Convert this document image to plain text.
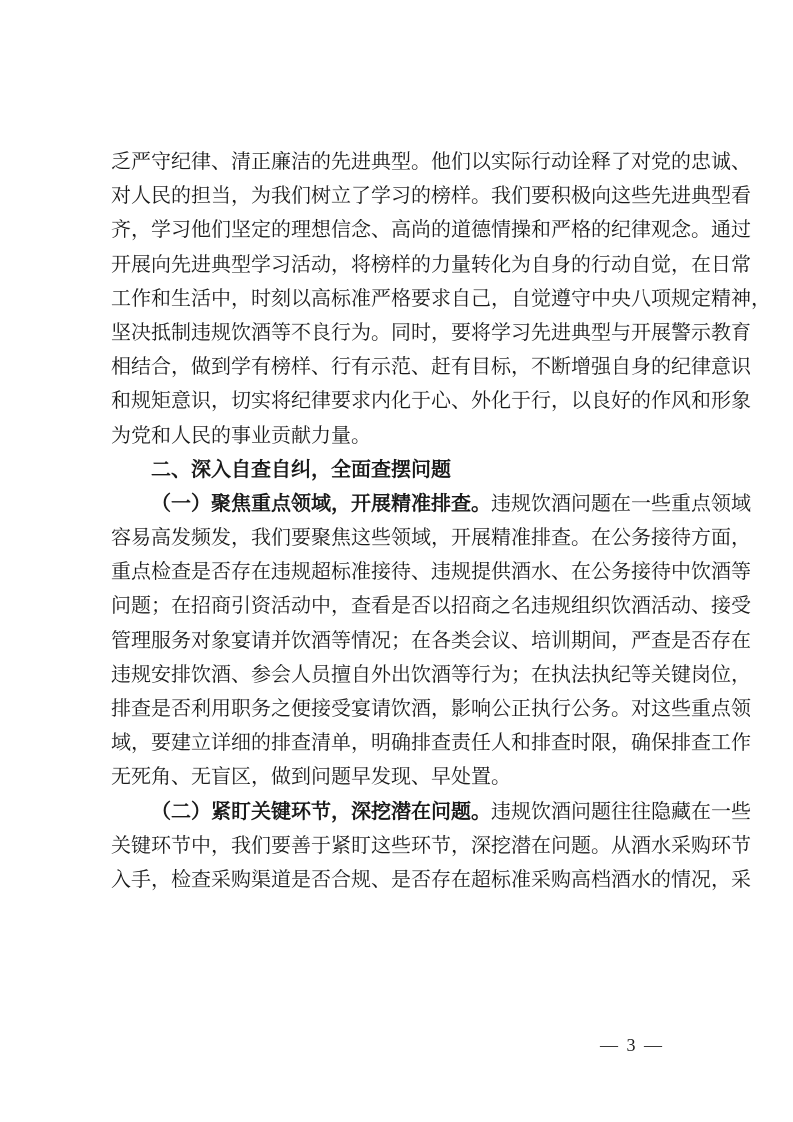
乏严守纪律、清正廉洁的先进典型。他们以实际行动诠释了对党的忠诚、
对人民的担当，为我们树立了学习的榜样。我们要积极向这些先进典型看
齐，学习他们坚定的理想信念、高尚的道德情操和严格的纪律观念。通过
开展向先进典型学习活动，将榜样的力量转化为自身的行动自觉，在日常
工作和生活中，时刻以高标准严格要求自己，自觉遵守中央八项规定精神，
坚决抵制违规饮酒等不良行为。同时，要将学习先进典型与开展警示教育
相结合，做到学有榜样、行有示范、赶有目标，不断增强自身的纪律意识
和规矩意识，切实将纪律要求内化于心、外化于行，以良好的作风和形象
为党和人民的事业贡献力量。
二、深入自查自纠，全面查摆问题
（一）聚焦重点领域，开展精准排查。违规饮酒问题在一些重点领域
容易高发频发，我们要聚焦这些领域，开展精准排查。在公务接待方面，
重点检查是否存在违规超标准接待、违规提供酒水、在公务接待中饮酒等
问题；在招商引资活动中，查看是否以招商之名违规组织饮酒活动、接受
管理服务对象宴请并饮酒等情况；在各类会议、培训期间，严查是否存在
违规安排饮酒、参会人员擅自外出饮酒等行为；在执法执纪等关键岗位，
排查是否利用职务之便接受宴请饮酒，影响公正执行公务。对这些重点领
域，要建立详细的排查清单，明确排查责任人和排查时限，确保排查工作
无死角、无盲区，做到问题早发现、早处置。
（二）紧盯关键环节，深挖潜在问题。违规饮酒问题往往隐藏在一些
关键环节中，我们要善于紧盯这些环节，深挖潜在问题。从酒水采购环节
入手，检查采购渠道是否合规、是否存在超标准采购高档酒水的情况，采
— 3 —
